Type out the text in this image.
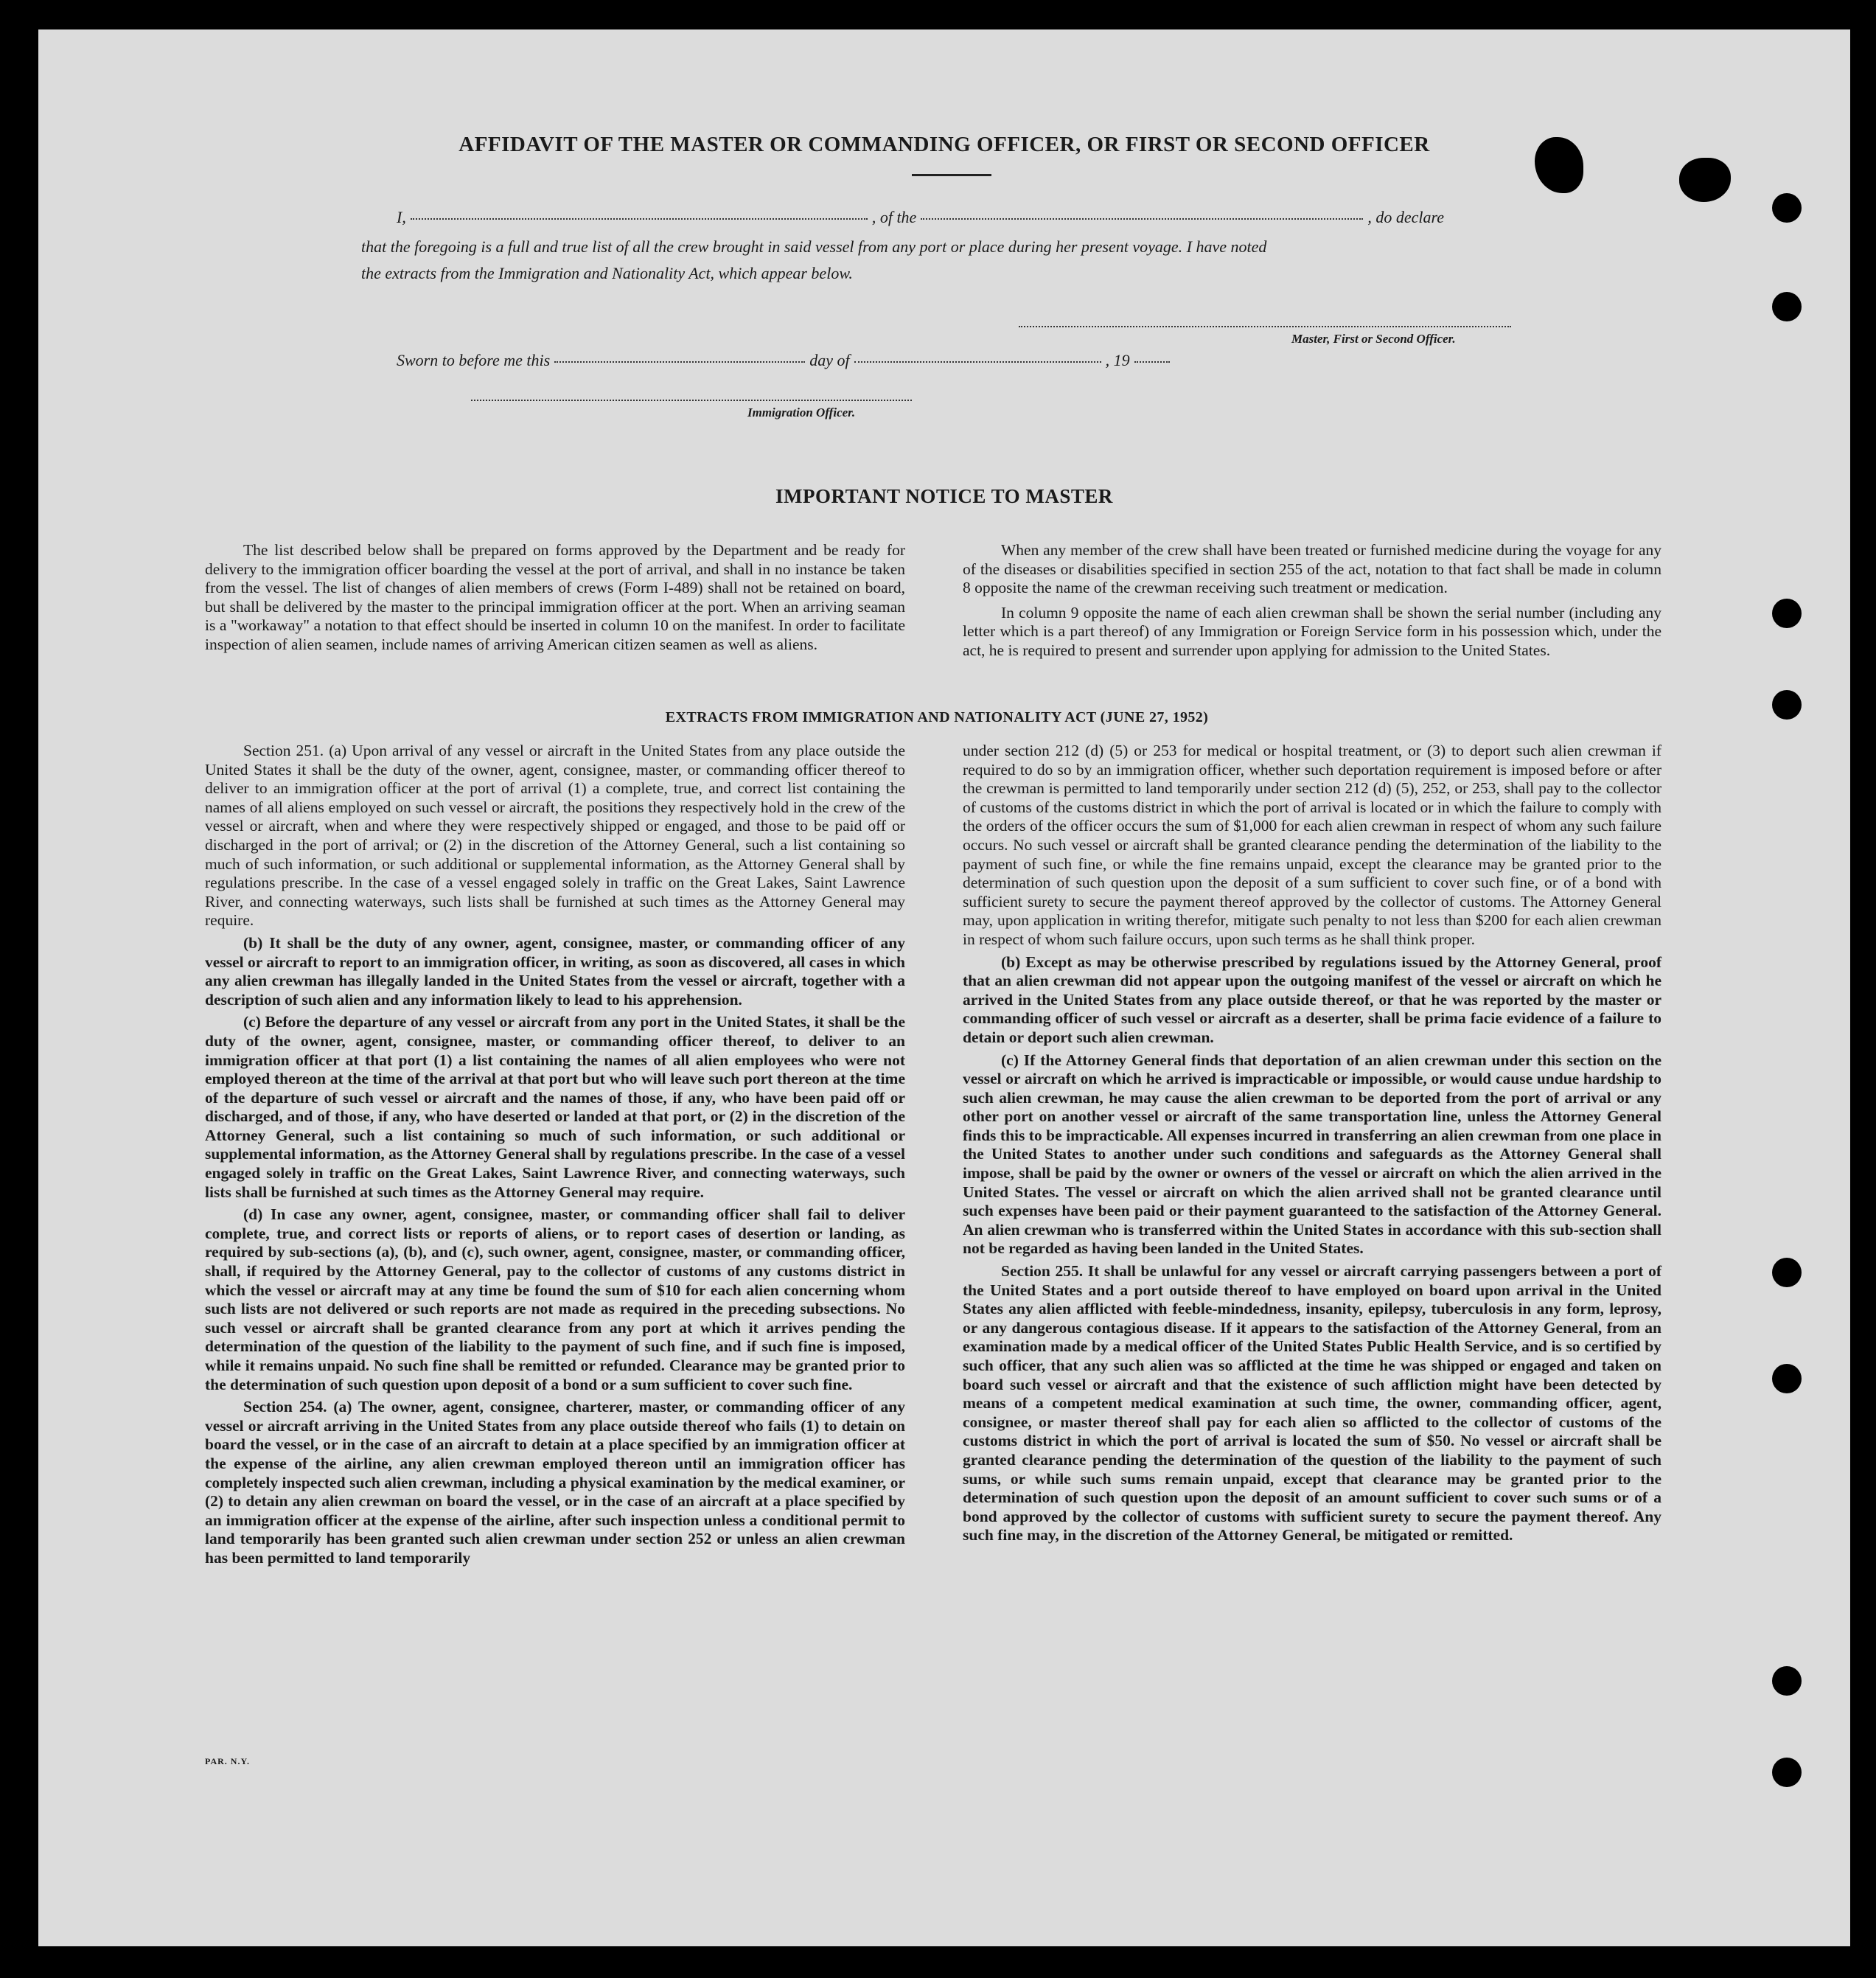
AFFIDAVIT OF THE MASTER OR COMMANDING OFFICER, OR FIRST OR SECOND OFFICER
I,	, of the	, do declare
that the foregoing is a full and true list of all the crew brought in said vessel from any port or place during her present voyage. I have noted
the extracts from the Immigration and Nationality Act, which appear below.
Master, First or Second Officer.
Sworn to before me this	day of	, 19
Immigration Officer.
IMPORTANT NOTICE TO MASTER

The list described below shall be prepared on forms approved by the Department and be ready for delivery to the immigration officer boarding the vessel at the port of arrival, and shall in no instance be taken from the vessel. The list of changes of alien members of crews (Form I-489) shall not be retained on board, but shall be delivered by the master to the principal immigration officer at the port. When an arriving seaman is a "workaway" a notation to that effect should be inserted in column 10 on the manifest. In order to facilitate inspection of alien seamen, include names of arriving American citizen seamen as well as aliens.

When any member of the crew shall have been treated or furnished medicine during the voyage for any of the diseases or disabilities specified in section 255 of the act, notation to that fact shall be made in column 8 opposite the name of the crewman receiving such treatment or medication.

In column 9 opposite the name of each alien crewman shall be shown the serial number (including any letter which is a part thereof) of any Immigration or Foreign Service form in his possession which, under the act, he is required to present and surrender upon applying for admission to the United States.

EXTRACTS FROM IMMIGRATION AND NATIONALITY ACT (JUNE 27, 1952)

Section 251. (a) Upon arrival of any vessel or aircraft in the United States from any place outside the United States it shall be the duty of the owner, agent, consignee, master, or commanding officer thereof to deliver to an immigration officer at the port of arrival (1) a complete, true, and correct list containing the names of all aliens employed on such vessel or aircraft, the positions they respectively hold in the crew of the vessel or aircraft, when and where they were respectively shipped or engaged, and those to be paid off or discharged in the port of arrival; or (2) in the discretion of the Attorney General, such a list containing so much of such information, or such additional or supplemental information, as the Attorney General shall by regulations prescribe. In the case of a vessel engaged solely in traffic on the Great Lakes, Saint Lawrence River, and connecting waterways, such lists shall be furnished at such times as the Attorney General may require.

(b) It shall be the duty of any owner, agent, consignee, master, or commanding officer of any vessel or aircraft to report to an immigration officer, in writing, as soon as discovered, all cases in which any alien crewman has illegally landed in the United States from the vessel or aircraft, together with a description of such alien and any information likely to lead to his apprehension.

(c) Before the departure of any vessel or aircraft from any port in the United States, it shall be the duty of the owner, agent, consignee, master, or commanding officer thereof, to deliver to an immigration officer at that port (1) a list containing the names of all alien employees who were not employed thereon at the time of the arrival at that port but who will leave such port thereon at the time of the departure of such vessel or aircraft and the names of those, if any, who have been paid off or discharged, and of those, if any, who have deserted or landed at that port, or (2) in the discretion of the Attorney General, such a list containing so much of such information, or such additional or supplemental information, as the Attorney General shall by regulations prescribe. In the case of a vessel engaged solely in traffic on the Great Lakes, Saint Lawrence River, and connecting waterways, such lists shall be furnished at such times as the Attorney General may require.

(d) In case any owner, agent, consignee, master, or commanding officer shall fail to deliver complete, true, and correct lists or reports of aliens, or to report cases of desertion or landing, as required by sub-sections (a), (b), and (c), such owner, agent, consignee, master, or commanding officer, shall, if required by the Attorney General, pay to the collector of customs of any customs district in which the vessel or aircraft may at any time be found the sum of $10 for each alien concerning whom such lists are not delivered or such reports are not made as required in the preceding subsections. No such vessel or aircraft shall be granted clearance from any port at which it arrives pending the determination of the question of the liability to the payment of such fine, and if such fine is imposed, while it remains unpaid. No such fine shall be remitted or refunded. Clearance may be granted prior to the determination of such question upon deposit of a bond or a sum sufficient to cover such fine.

Section 254. (a) The owner, agent, consignee, charterer, master, or commanding officer of any vessel or aircraft arriving in the United States from any place outside thereof who fails (1) to detain on board the vessel, or in the case of an aircraft to detain at a place specified by an immigration officer at the expense of the airline, any alien crewman employed thereon until an immigration officer has completely inspected such alien crewman, including a physical examination by the medical examiner, or (2) to detain any alien crewman on board the vessel, or in the case of an aircraft at a place specified by an immigration officer at the expense of the airline, after such inspection unless a conditional permit to land temporarily has been granted such alien crewman under section 252 or unless an alien crewman has been permitted to land temporarily

under section 212 (d) (5) or 253 for medical or hospital treatment, or (3) to deport such alien crewman if required to do so by an immigration officer, whether such deportation requirement is imposed before or after the crewman is permitted to land temporarily under section 212 (d) (5), 252, or 253, shall pay to the collector of customs of the customs district in which the port of arrival is located or in which the failure to comply with the orders of the officer occurs the sum of $1,000 for each alien crewman in respect of whom any such failure occurs. No such vessel or aircraft shall be granted clearance pending the determination of the liability to the payment of such fine, or while the fine remains unpaid, except the clearance may be granted prior to the determination of such question upon the deposit of a sum sufficient to cover such fine, or of a bond with sufficient surety to secure the payment thereof approved by the collector of customs. The Attorney General may, upon application in writing therefor, mitigate such penalty to not less than $200 for each alien crewman in respect of whom such failure occurs, upon such terms as he shall think proper.

(b) Except as may be otherwise prescribed by regulations issued by the Attorney General, proof that an alien crewman did not appear upon the outgoing manifest of the vessel or aircraft on which he arrived in the United States from any place outside thereof, or that he was reported by the master or commanding officer of such vessel or aircraft as a deserter, shall be prima facie evidence of a failure to detain or deport such alien crewman.

(c) If the Attorney General finds that deportation of an alien crewman under this section on the vessel or aircraft on which he arrived is impracticable or impossible, or would cause undue hardship to such alien crewman, he may cause the alien crewman to be deported from the port of arrival or any other port on another vessel or aircraft of the same transportation line, unless the Attorney General finds this to be impracticable. All expenses incurred in transferring an alien crewman from one place in the United States to another under such conditions and safeguards as the Attorney General shall impose, shall be paid by the owner or owners of the vessel or aircraft on which the alien arrived in the United States. The vessel or aircraft on which the alien arrived shall not be granted clearance until such expenses have been paid or their payment guaranteed to the satisfaction of the Attorney General. An alien crewman who is transferred within the United States in accordance with this sub-section shall not be regarded as having been landed in the United States.

Section 255. It shall be unlawful for any vessel or aircraft carrying passengers between a port of the United States and a port outside thereof to have employed on board upon arrival in the United States any alien afflicted with feeble-mindedness, insanity, epilepsy, tuberculosis in any form, leprosy, or any dangerous contagious disease. If it appears to the satisfaction of the Attorney General, from an examination made by a medical officer of the United States Public Health Service, and is so certified by such officer, that any such alien was so afflicted at the time he was shipped or engaged and taken on board such vessel or aircraft and that the existence of such affliction might have been detected by means of a competent medical examination at such time, the owner, commanding officer, agent, consignee, or master thereof shall pay for each alien so afflicted to the collector of customs of the customs district in which the port of arrival is located the sum of $50. No vessel or aircraft shall be granted clearance pending the determination of the question of the liability to the payment of such sums, or while such sums remain unpaid, except that clearance may be granted prior to the determination of such question upon the deposit of an amount sufficient to cover such sums or of a bond approved by the collector of customs with sufficient surety to secure the payment thereof. Any such fine may, in the discretion of the Attorney General, be mitigated or remitted.

PAR. N.Y.
